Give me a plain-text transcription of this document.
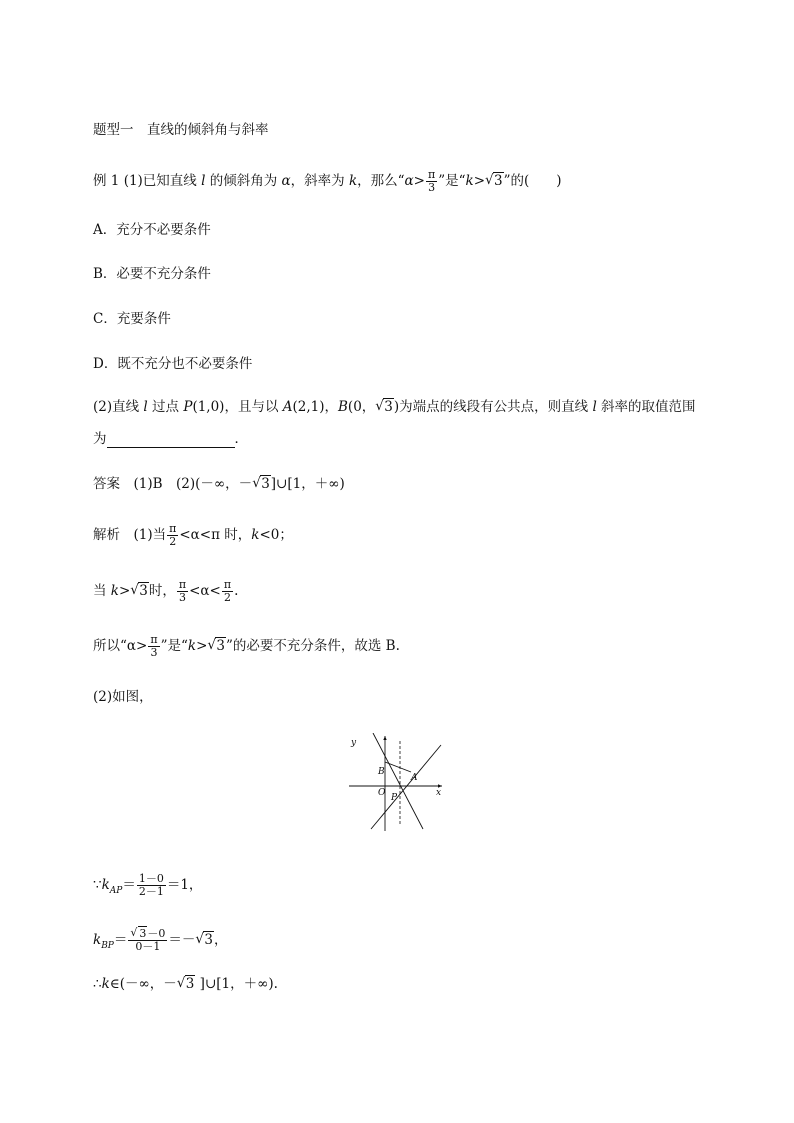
题型一　直线的倾斜角与斜率
例 1 (1)已知直线 l 的倾斜角为 α，斜率为 k，那么“$\alpha> \frac{\pi}{3}$ ”是“k> √ 3”的(　　)
A．充分不必要条件
B．必要不充分条件
C．充要条件
D．既不充分也不必要条件
(2)直线 l 过点 P(1,0)，且与以 A(2,1)，B(0， √ 3)为端点的线段有公共点，则直线 l 斜率的取值范围
为	．
答案　(1)B　(2)(－∞，－ √ 3]∪[1，＋∞)
解析　(1)当 $\frac{\pi}{2} <\alpha<\pi$ 时，k<0；
当 k> √ 3时， $\frac{\pi}{3} <\alpha< \frac{\pi}{2}$ .
所以“$\alpha> \frac{\pi}{3}$ ”是“k> √ 3”的必要不充分条件，故选 B.
(2)如图，
y
x
B
A
O P
$\because k_{AP}= \frac{1-0}{2-1} =1$，
$k_{BP}=$ √ $\frac{3-0}{0-1}$ ＝－ √ 3，
∴k∈(－∞，－ √ 3 ]∪[1，＋∞).
